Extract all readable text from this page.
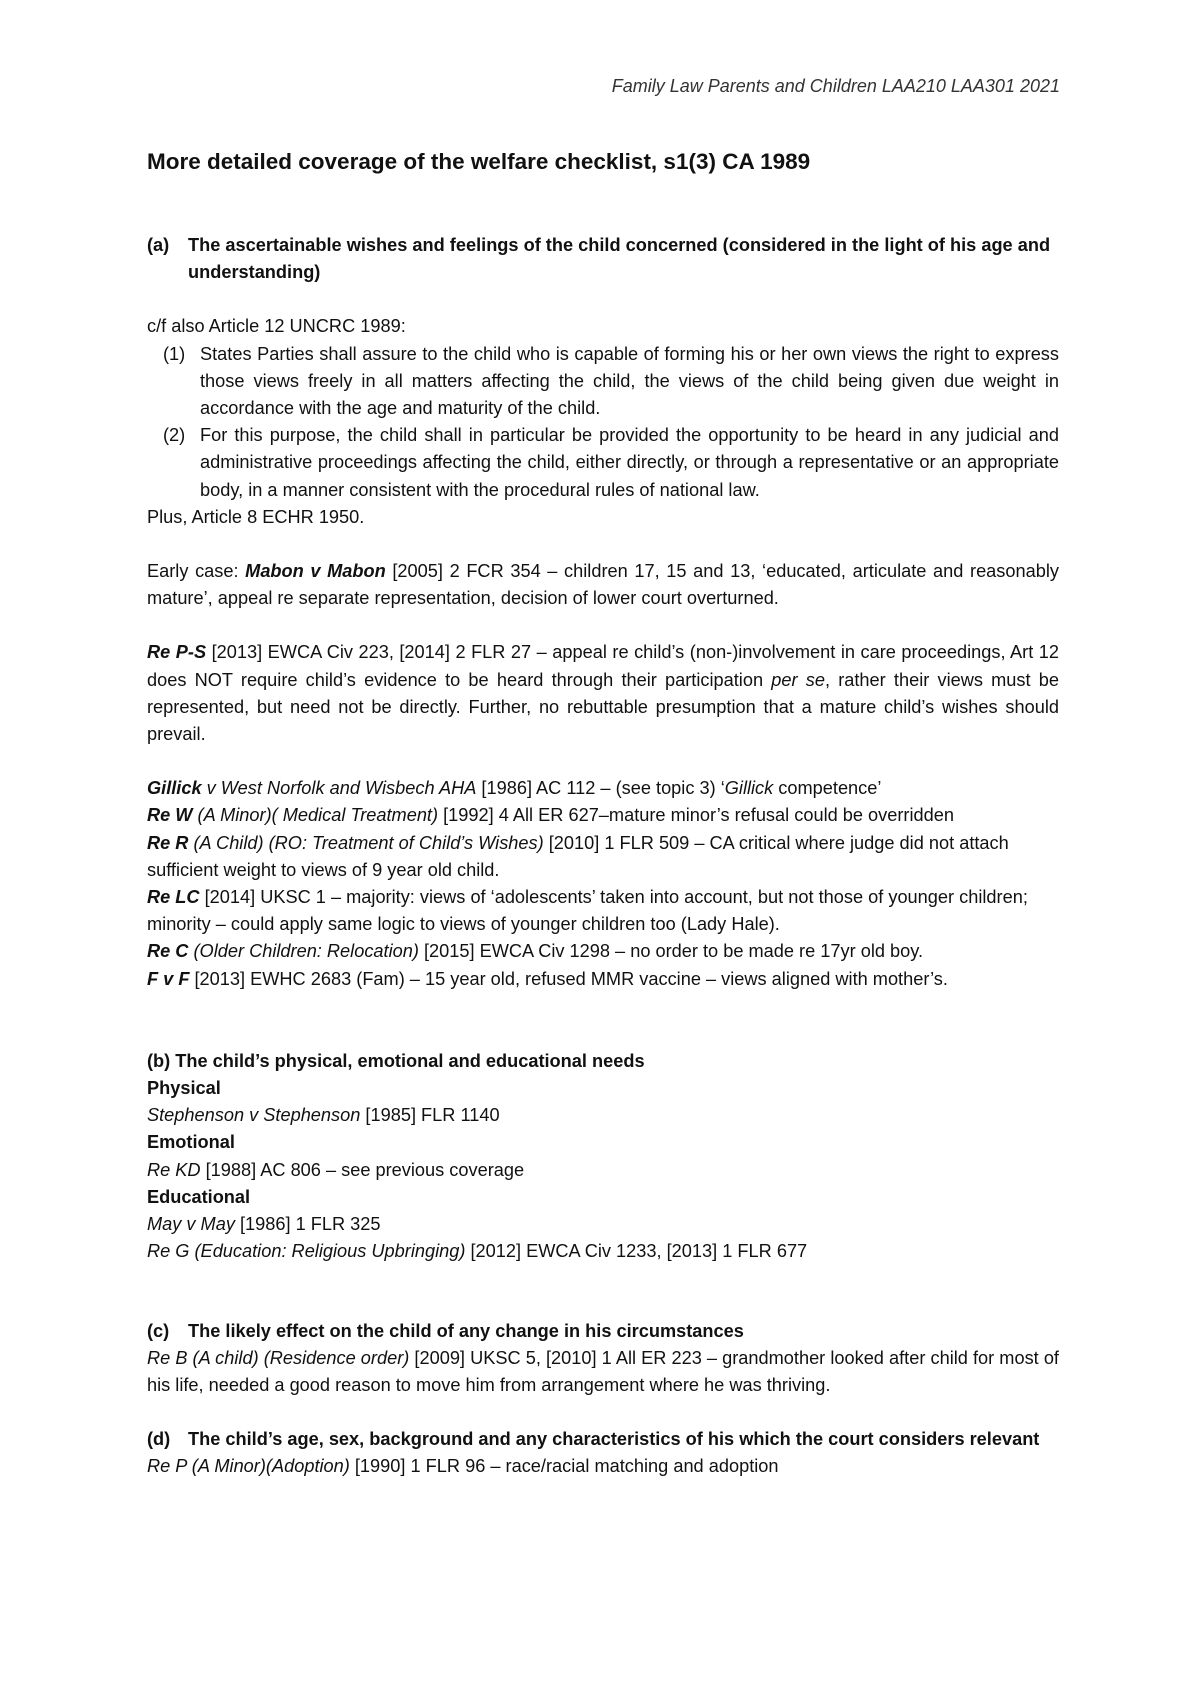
Family Law Parents and Children LAA210 LAA301 2021
More detailed coverage of the welfare checklist, s1(3) CA 1989
(a)	The ascertainable wishes and feelings of the child concerned (considered in the light of his age and understanding)

c/f also Article 12 UNCRC 1989:

(1) States Parties shall assure to the child who is capable of forming his or her own views the right to express those views freely in all matters affecting the child, the views of the child being given due weight in accordance with the age and maturity of the child.
(2) For this purpose, the child shall in particular be provided the opportunity to be heard in any judicial and administrative proceedings affecting the child, either directly, or through a representative or an appropriate body, in a manner consistent with the procedural rules of national law.

Plus, Article 8 ECHR 1950.

Early case: Mabon v Mabon [2005] 2 FCR 354 – children 17, 15 and 13, ‘educated, articulate and reasonably mature’, appeal re separate representation, decision of lower court overturned.

Re P-S [2013] EWCA Civ 223, [2014] 2 FLR 27 – appeal re child’s (non-)involvement in care proceedings, Art 12 does NOT require child’s evidence to be heard through their participation per se, rather their views must be represented, but need not be directly. Further, no rebuttable presumption that a mature child’s wishes should prevail.

Gillick v West Norfolk and Wisbech AHA [1986] AC 112 – (see topic 3) ‘Gillick competence’

Re W (A Minor)( Medical Treatment) [1992] 4 All ER 627–mature minor’s refusal could be overridden

Re R (A Child) (RO: Treatment of Child’s Wishes) [2010] 1 FLR 509 – CA critical where judge did not attach sufficient weight to views of 9 year old child.

Re LC [2014] UKSC 1 – majority: views of ‘adolescents’ taken into account, but not those of younger children; minority – could apply same logic to views of younger children too (Lady Hale).

Re C (Older Children: Relocation) [2015] EWCA Civ 1298 – no order to be made re 17yr old boy.

F v F [2013] EWHC 2683 (Fam) – 15 year old, refused MMR vaccine – views aligned with mother’s.

(b) The child’s physical, emotional and educational needs

Physical

Stephenson v Stephenson [1985] FLR 1140

Emotional

Re KD [1988] AC 806 – see previous coverage

Educational

May v May [1986] 1 FLR 325

Re G (Education: Religious Upbringing) [2012] EWCA Civ 1233, [2013] 1 FLR 677

(c)	The likely effect on the child of any change in his circumstances

Re B (A child) (Residence order) [2009] UKSC 5, [2010] 1 All ER 223 – grandmother looked after child for most of his life, needed a good reason to move him from arrangement where he was thriving.

(d) The child’s age, sex, background and any characteristics of his which the court considers relevant

Re P (A Minor)(Adoption) [1990] 1 FLR 96 – race/racial matching and adoption
